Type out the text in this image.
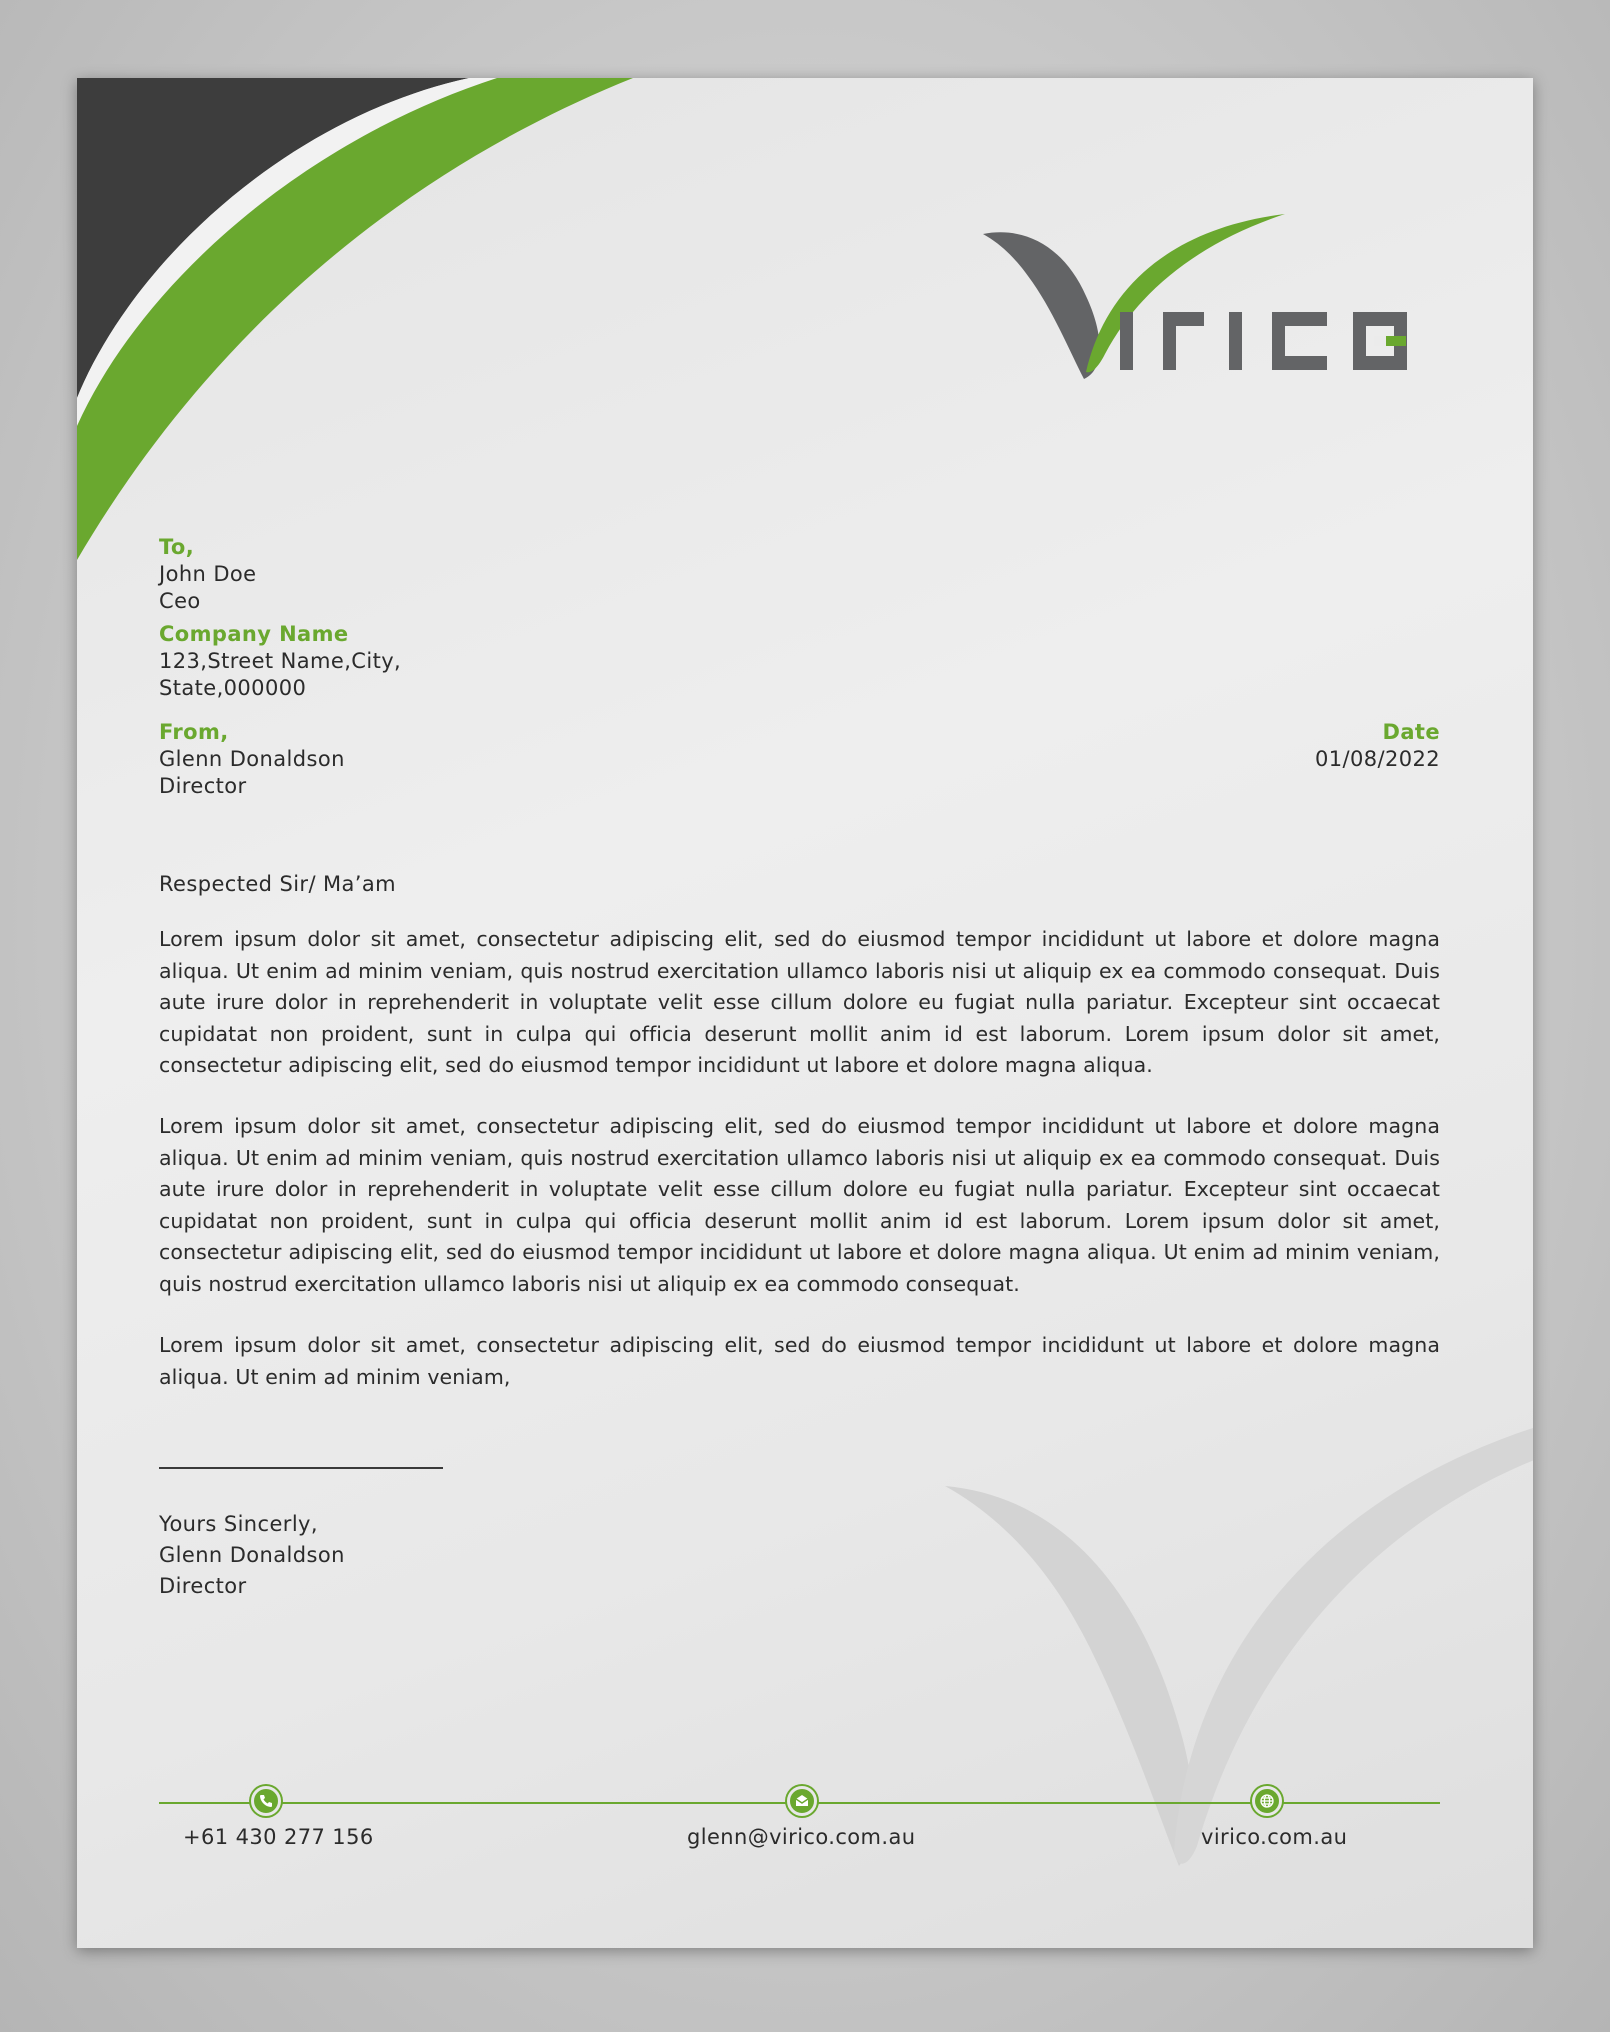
To,
John Doe
Ceo
Company Name
123,Street Name,City,
State,000000
From,
Glenn Donaldson
Director
Date
01/08/2022
Respected Sir/ Ma’am
Lorem ipsum dolor sit amet, consectetur adipiscing elit, sed do eiusmod tempor incididunt ut labore et dolore magna aliqua. Ut enim ad minim veniam, quis nostrud exercitation ullamco laboris nisi ut aliquip ex ea commodo consequat. Duis aute irure dolor in reprehenderit in voluptate velit esse cillum dolore eu fugiat nulla pariatur. Excepteur sint occaecat cupidatat non proident, sunt in culpa qui officia deserunt mollit anim id est laborum. Lorem ipsum dolor sit amet, consectetur adipiscing elit, sed do eiusmod tempor incididunt ut labore et dolore magna aliqua.
Lorem ipsum dolor sit amet, consectetur adipiscing elit, sed do eiusmod tempor incididunt ut labore et dolore magna aliqua. Ut enim ad minim veniam, quis nostrud exercitation ullamco laboris nisi ut aliquip ex ea commodo consequat. Duis aute irure dolor in reprehenderit in voluptate velit esse cillum dolore eu fugiat nulla pariatur. Excepteur sint occaecat cupidatat non proident, sunt in culpa qui officia deserunt mollit anim id est laborum. Lorem ipsum dolor sit amet, consectetur adipiscing elit, sed do eiusmod tempor incididunt ut labore et dolore magna aliqua. Ut enim ad minim veniam, quis nostrud exercitation ullamco laboris nisi ut aliquip ex ea commodo consequat.
Lorem ipsum dolor sit amet, consectetur adipiscing elit, sed do eiusmod tempor incididunt ut labore et dolore magna aliqua. Ut enim ad minim veniam,
Yours Sincerly,
Glenn Donaldson
Director
+61 430 277 156	glenn@virico.com.au	virico.com.au
